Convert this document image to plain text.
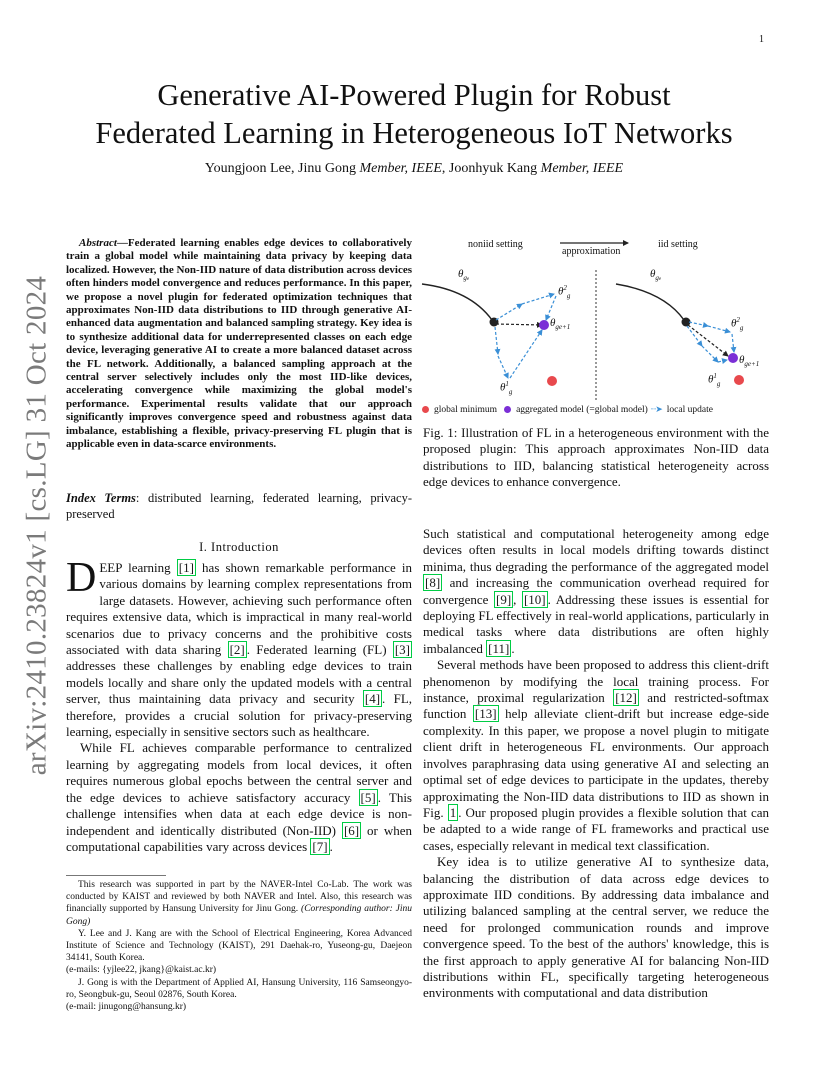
1
arXiv:2410.23824v1 [cs.LG] 31 Oct 2024
Generative AI-Powered Plugin for Robust
Federated Learning in Heterogeneous IoT Networks
Youngjoon Lee, Jinu Gong Member, IEEE, Joonhyuk Kang Member, IEEE
Abstract—Federated learning enables edge devices to collaboratively train a global model while maintaining data privacy by keeping data localized. However, the Non-IID nature of data distribution across devices often hinders model convergence and reduces performance. In this paper, we propose a novel plugin for federated optimization techniques that approximates Non-IID data distributions to IID through generative AI-enhanced data augmentation and balanced sampling strategy. Key idea is to synthesize additional data for underrepresented classes on each edge device, leveraging generative AI to create a more balanced dataset across the FL network. Additionally, a balanced sampling approach at the central server selectively includes only the most IID-like devices, accelerating convergence while maximizing the global model's performance. Experimental results validate that our approach significantly improves convergence speed and robustness against data imbalance, establishing a flexible, privacy-preserving FL plugin that is applicable even in data-scarce environments.
Index Terms: distributed learning, federated learning, privacy-preserved
I. Introduction

DEEP learning [1] has shown remarkable performance in various domains by learning complex representations from large datasets. However, achieving such performance often requires extensive data, which is impractical in many real-world scenarios due to privacy concerns and the prohibitive costs associated with data sharing [2] . Federated learning (FL) [3] addresses these challenges by enabling edge devices to train models locally and share only the updated models with a central server, thus maintaining data privacy and security [4] . FL, therefore, provides a crucial solution for privacy-preserving learning, especially in sensitive sectors such as healthcare.

While FL achieves comparable performance to centralized learning by aggregating models from local devices, it often requires numerous global epochs between the central server and the edge devices to achieve satisfactory accuracy [5] . This challenge intensifies when data at each edge device is non-independent and identically distributed (Non-IID) [6] or when computational capabilities vary across devices [7] .

This research was supported in part by the NAVER-Intel Co-Lab. The work was conducted by KAIST and reviewed by both NAVER and Intel. Also, this research was financially supported by Hansung University for Jinu Gong. (Corresponding author: Jinu Gong)

Y. Lee and J. Kang are with the School of Electrical Engineering, Korea Advanced Institute of Science and Technology (KAIST), 291 Daehak-ro, Yuseong-gu, Daejeon 34141, South Korea.
(e-mails: {yjlee22, jkang}@kaist.ac.kr)

J. Gong is with the Department of Applied AI, Hansung University, 116 Samseongyo-ro, Seongbuk-gu, Seoul 02876, South Korea.
(e-mail: jinugong@hansung.kr)

noniid setting
approximation
iid setting
$\theta_{ge}$
$\theta^2_g$
$\theta_{ge+1}$
$\theta^1_g$
$\theta_{ge}$
$\theta^2_g$
$\theta_{ge+1}$
$\theta^1_g$
global minimum aggregated model (=global model) ┈➤ local update
Fig. 1: Illustration of FL in a heterogeneous environment with the proposed plugin: This approach approximates Non-IID data distributions to IID, balancing statistical heterogeneity across edge devices to enhance convergence.

Such statistical and computational heterogeneity among edge devices often results in local models drifting towards distinct minima, thus degrading the performance of the aggregated model [8] and increasing the communication overhead required for convergence [9] , [10] . Addressing these issues is essential for deploying FL effectively in real-world applications, particularly in medical tasks where data distributions are often highly imbalanced [11] .

Several methods have been proposed to address this client-drift phenomenon by modifying the local training process. For instance, proximal regularization [12] and restricted-softmax function [13] help alleviate client-drift but increase edge-side complexity. In this paper, we propose a novel plugin to mitigate client drift in heterogeneous FL environments. Our approach involves paraphrasing data using generative AI and selecting an optimal set of edge devices to participate in the updates, thereby approximating the Non-IID data distributions to IID as shown in Fig. 1 . Our proposed plugin provides a flexible solution that can be adapted to a wide range of FL frameworks and practical use cases, especially relevant in medical text classification.

Key idea is to utilize generative AI to synthesize data, balancing the distribution of data across edge devices to approximate IID conditions. By addressing data imbalance and utilizing balanced sampling at the central server, we reduce the need for prolonged communication rounds and improve convergence speed. To the best of the authors' knowledge, this is the first approach to apply generative AI for balancing Non-IID distributions within FL, specifically targeting heterogeneous environments with computational and data distribution
